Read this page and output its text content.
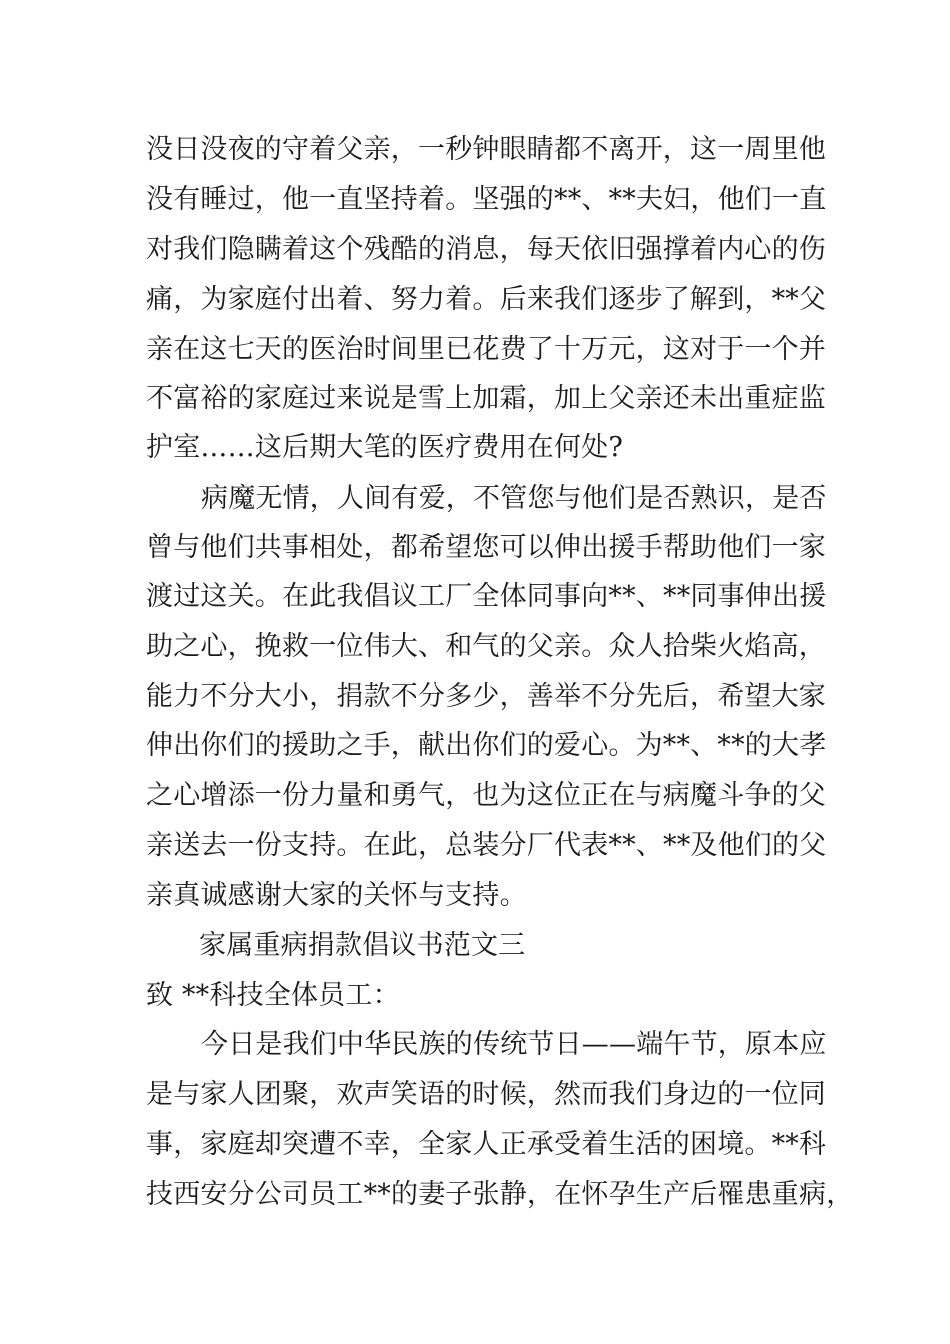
没日没夜的守着父亲，一秒钟眼睛都不离开，这一周里他
没有睡过，他一直坚持着。坚强的**、**夫妇，他们一直
对我们隐瞒着这个残酷的消息，每天依旧强撑着内心的伤
痛，为家庭付出着、努力着。后来我们逐步了解到，**父
亲在这七天的医治时间里已花费了十万元，这对于一个并
不富裕的家庭过来说是雪上加霜，加上父亲还未出重症监
护室……这后期大笔的医疗费用在何处?
病魔无情，人间有爱，不管您与他们是否熟识，是否
曾与他们共事相处，都希望您可以伸出援手帮助他们一家
渡过这关。在此我倡议工厂全体同事向**、**同事伸出援
助之心，挽救一位伟大、和气的父亲。众人拾柴火焰高，
能力不分大小，捐款不分多少，善举不分先后，希望大家
伸出你们的援助之手，献出你们的爱心。为**、**的大孝
之心增添一份力量和勇气，也为这位正在与病魔斗争的父
亲送去一份支持。在此，总装分厂代表**、**及他们的父
亲真诚感谢大家的关怀与支持。
家属重病捐款倡议书范文三
致 **科技全体员工：
今日是我们中华民族的传统节日——端午节，原本应
是与家人团聚，欢声笑语的时候，然而我们身边的一位同
事，家庭却突遭不幸，全家人正承受着生活的困境。**科
技西安分公司员工**的妻子张静，在怀孕生产后罹患重病，
